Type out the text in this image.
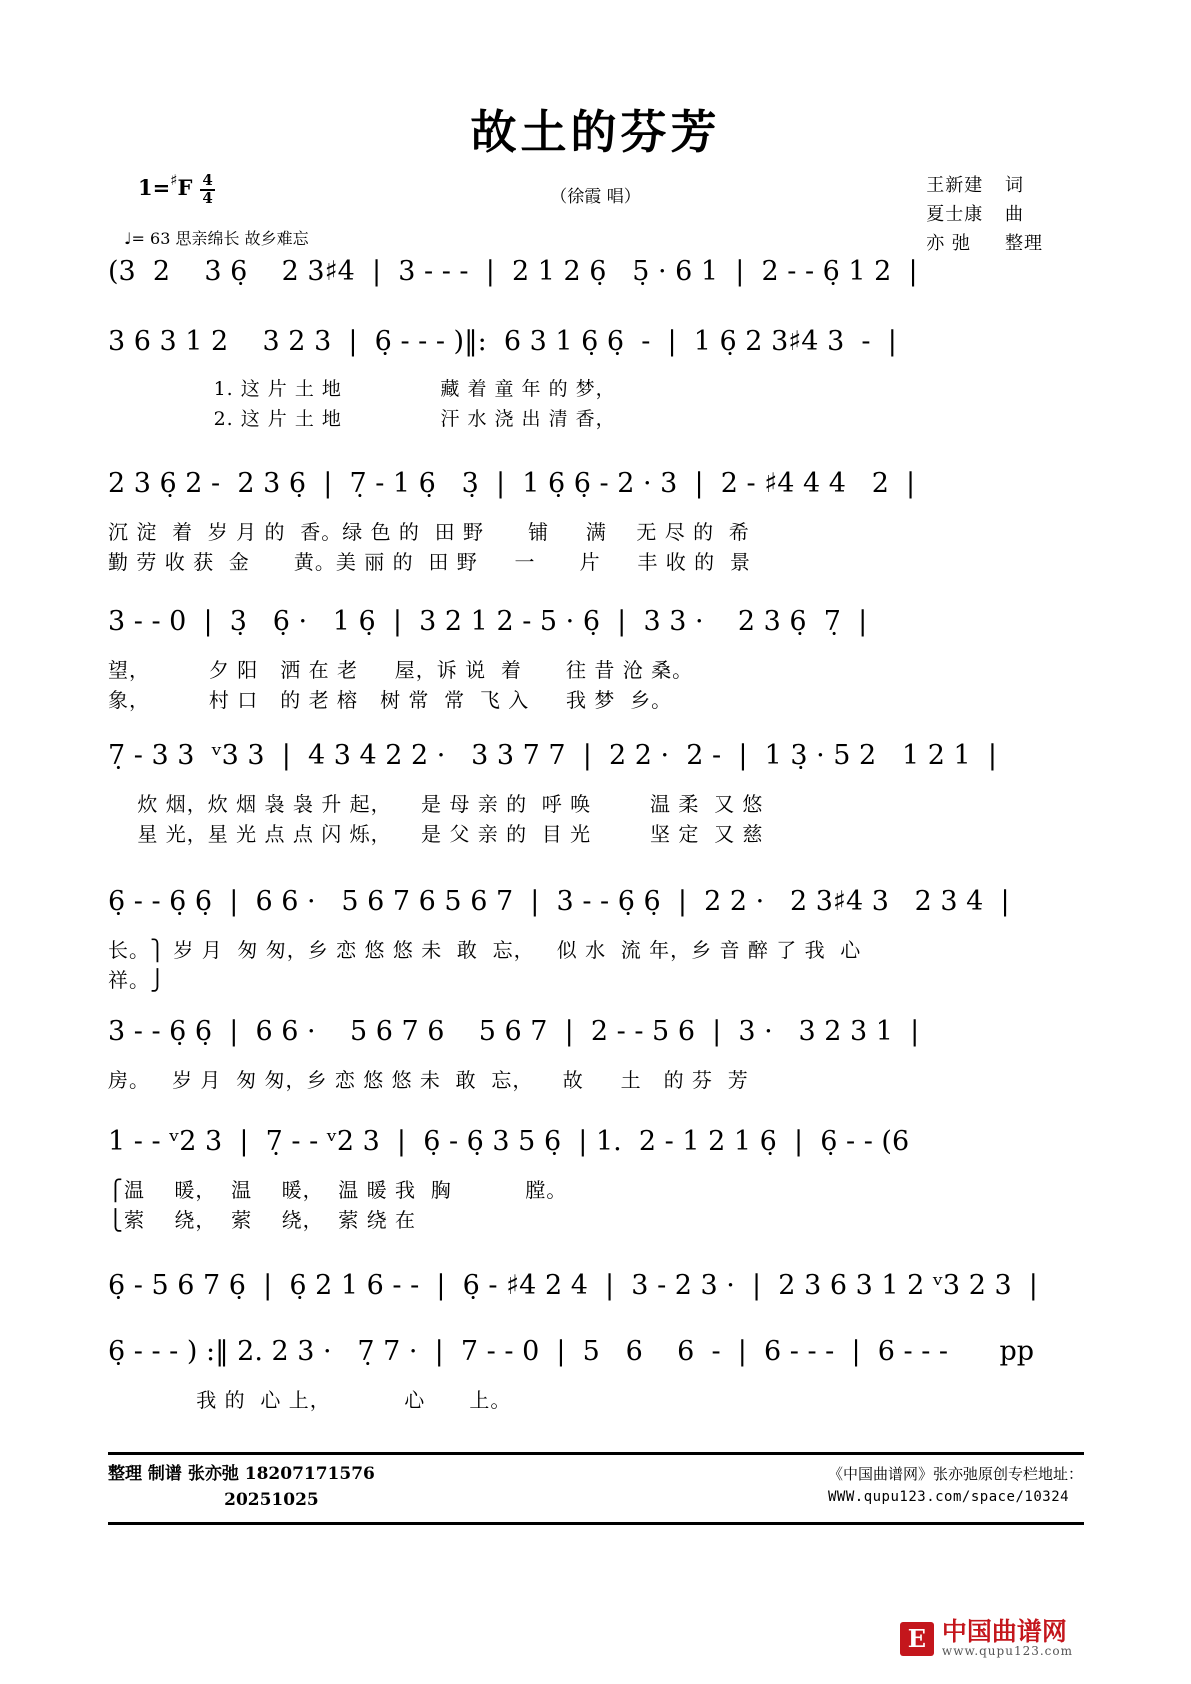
故土的芬芳
（徐霞 唱）
1= ♯ F $\frac{4}{4}$
♩= 63 思亲绵长 故乡难忘
王新建 词
夏士康 曲
亦 弛 整理
(3  2    3 6̣    2 3♯4  |  3 - - -  |  2 1 2 6̣   5̣ · 6 1  |  2 - - 6̣ 1 2  |
3 6 3 1 2    3 2 3  |  6̣ - - - )‖:  6 3 1 6̣ 6̣  -  |  1 6̣ 2 3♯4 3  -  |
1. 这 片 土 地              藏 着 童 年 的 梦，
2. 这 片 土 地              汗 水 浇 出 清 香，
2 3 6̣ 2 -  2 3 6̣  |  7̣ - 1 6̣   3̣  |  1 6̣ 6̣ - 2 · 3  |  2 - ♯4 4 4   2  |
沉 淀  着  岁 月 的  香。绿 色 的  田 野      铺     满    无 尽 的  希
勤 劳 收 获  金      黄。美 丽 的  田 野     一      片     丰 收 的  景
3 - - 0  |  3̣   6̣ ·   1 6̣  |  3 2 1 2 - 5 · 6̣  |  3 3 ·    2 3 6̣  7̣  |
望，        夕 阳   洒 在 老     屋，诉 说  着      往 昔 沧 桑。
象，        村 口   的 老 榕   树 常  常  飞 入     我 梦  乡。
7̣ - 3 3  ᵛ3 3  |  4 3 4 2 2 ·   3 3 7 7  |  2 2 ·  2 -  |  1 3̣ · 5 2   1 2 1  |
炊 烟，炊 烟 袅 袅 升 起，    是 母 亲 的  呼 唤        温 柔  又 悠
星 光，星 光 点 点 闪 烁，    是 父 亲 的  目 光        坚 定  又 慈
6̣ - - 6̣ 6̣  |  6 6 ·   5 6 7 6 5 6 7  |  3 - - 6̣ 6̣  |  2 2 ·   2 3♯4 3   2 3 4  |
长。⎫ 岁 月  匆 匆，乡 恋 悠 悠 未  敢  忘，   似 水  流 年，乡 音 醉 了 我  心
祥。⎭
3 - - 6̣ 6̣  |  6 6 ·    5 6 7 6    5 6 7  |  2 - - 5 6  |  3 ·   3 2 3 1  |
房。   岁 月  匆 匆，乡 恋 悠 悠 未  敢  忘，    故     土   的 芬  芳
1 - - ᵛ2 3  |  7̣ - - ᵛ2 3  |  6̣ - 6̣ 3 5 6̣  | 1.  2 - 1 2 1 6̣  |  6̣ - - (6
⎧温    暖，  温    暖，  温 暖 我  胸          膛。
⎩萦    绕，  萦    绕，  萦 绕 在
6̣ - 5 6 7 6̣  |  6̣ 2 1 6 - -  |  6̣ - ♯4 2 4  |  3 - 2 3 ·  |  2 3 6 3 1 2 ᵛ3 2 3  |
6̣ - - - ) :‖ 2. 2 3 ·   7̣ 7 ·  |  7 - - 0  |  5   6    6  -  |  6 - - -  |  6 - - -      pp
我 的  心 上，          心      上。
整理 制谱 张亦弛 18207171576
20251025
《中国曲谱网》张亦弛原创专栏地址：
WWW.qupu123.com/space/10324
E 中国曲谱网
www.qupu123.com
